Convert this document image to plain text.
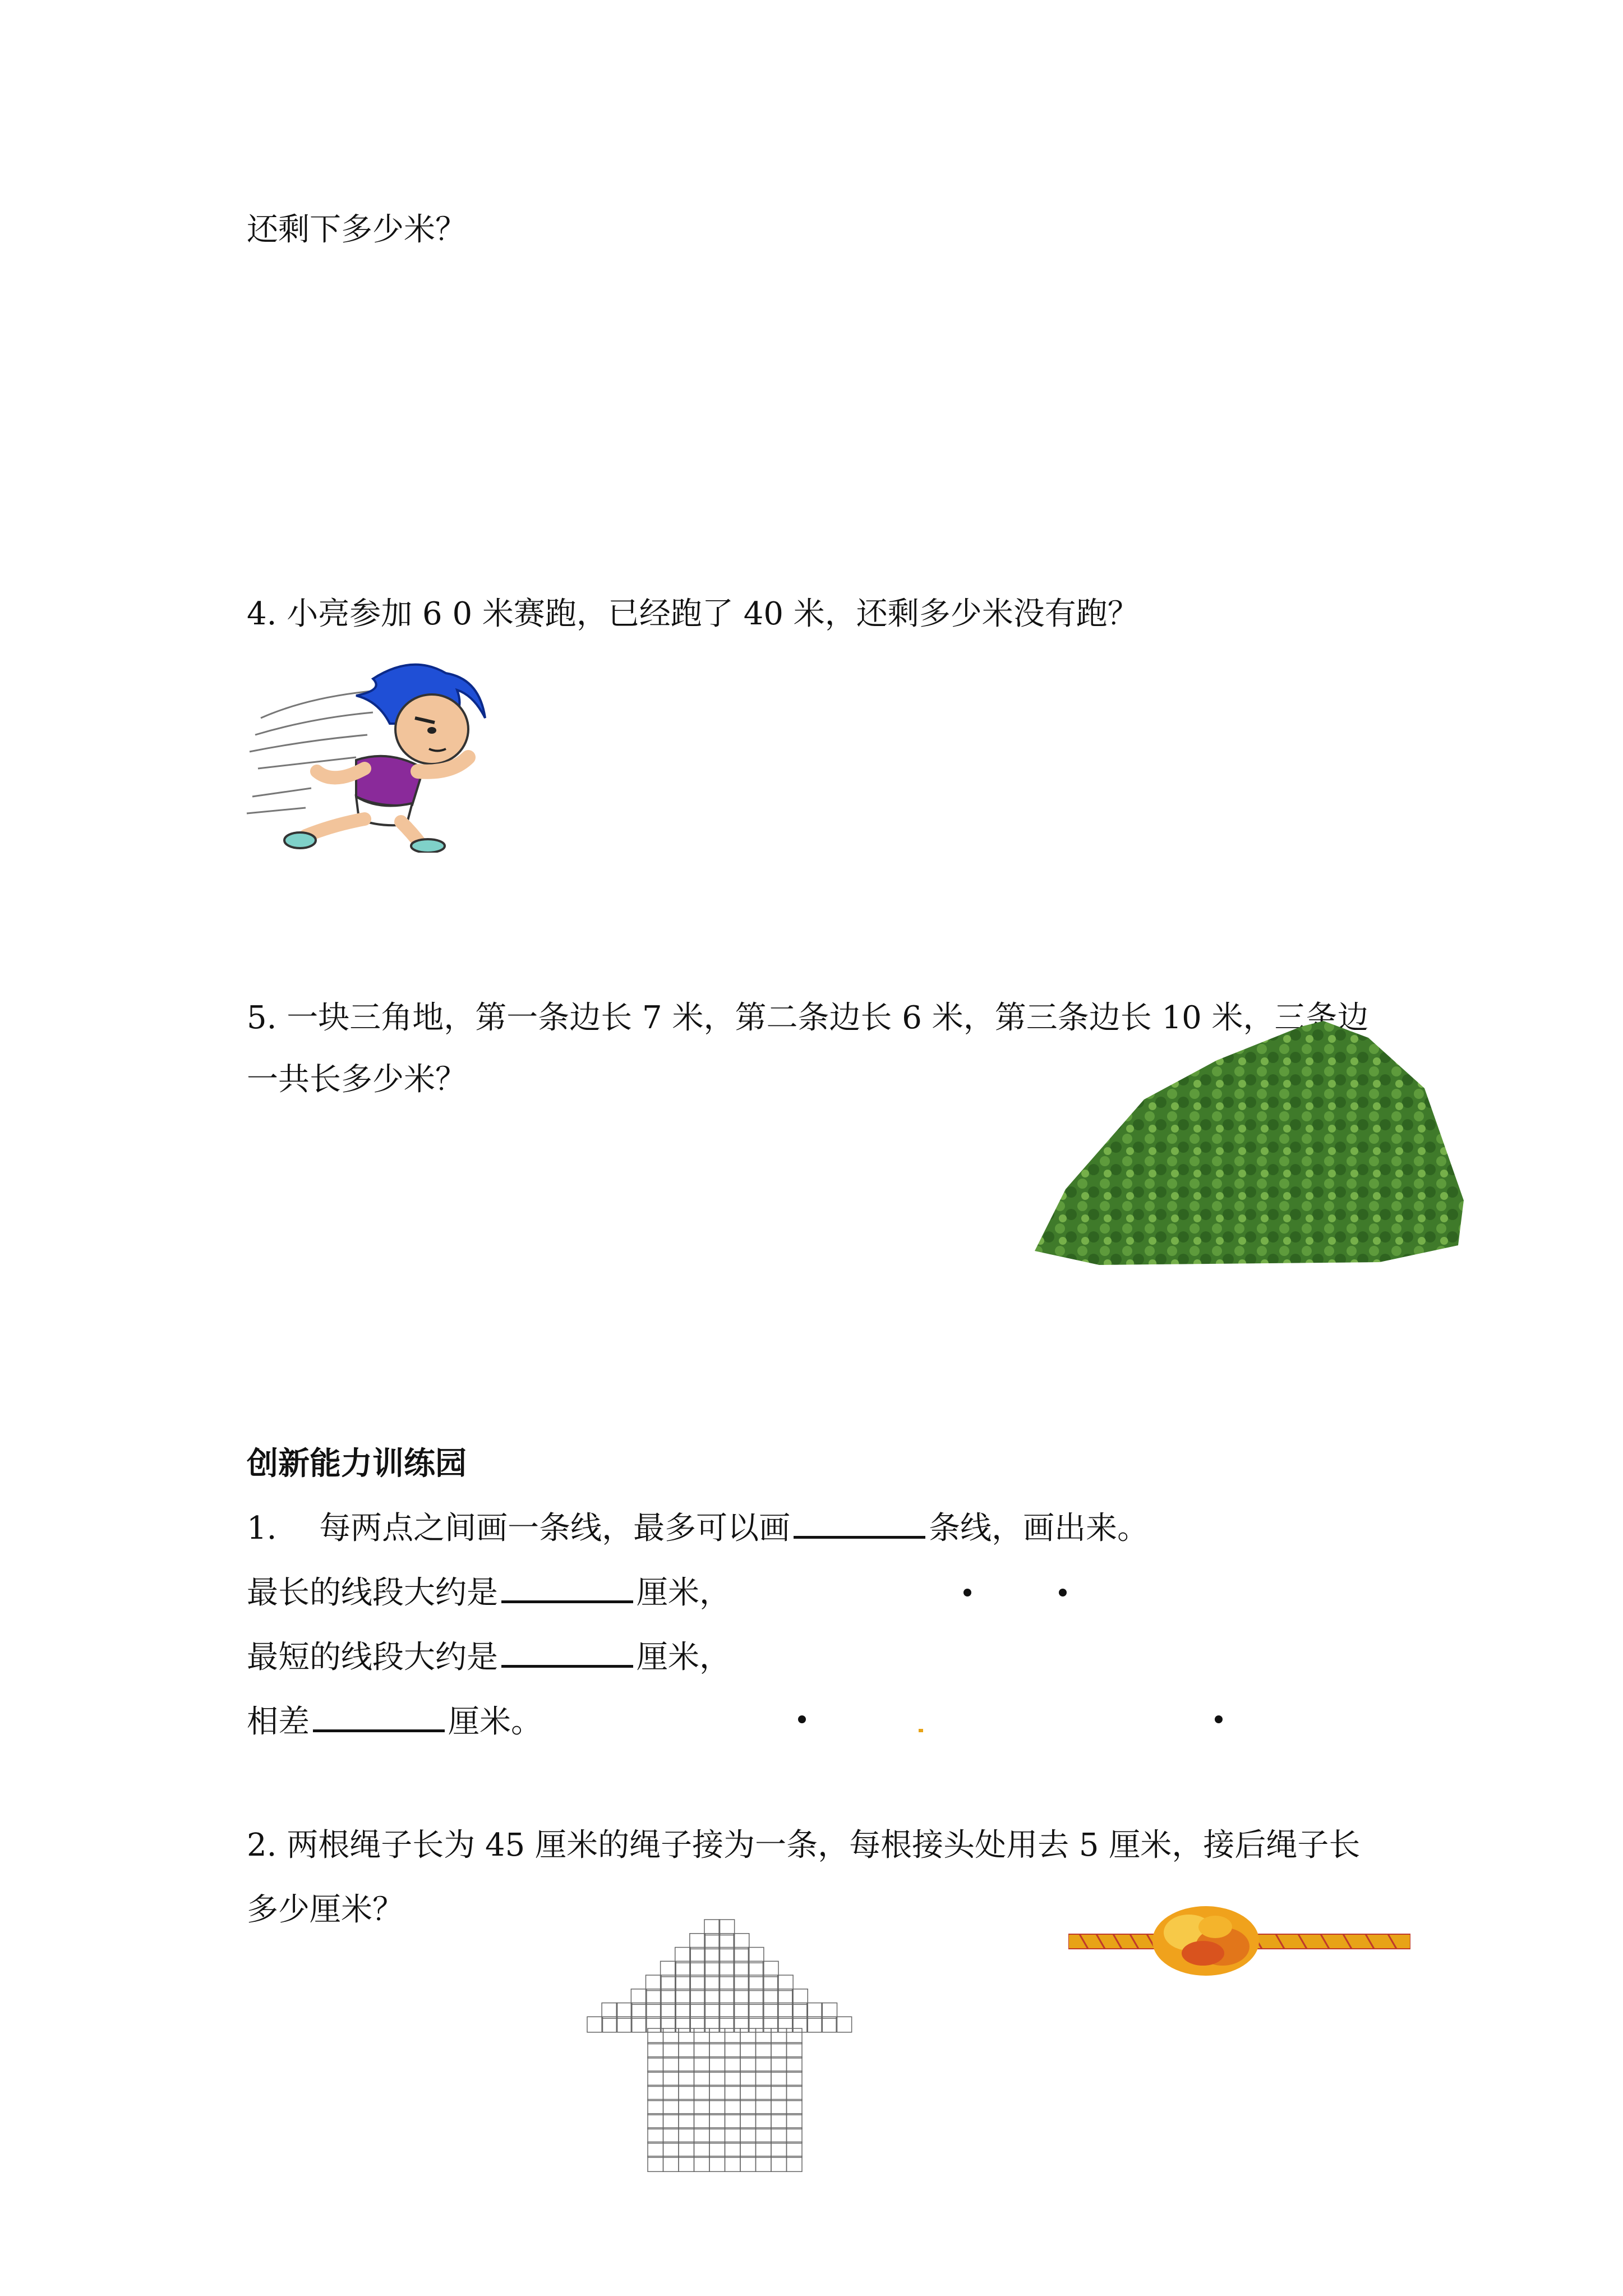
还剩下多少米？
4. 小亮参加 6 0 米赛跑，已经跑了 40 米，还剩多少米没有跑？
5. 一块三角地，第一条边长 7 米，第二条边长 6 米，第三条边长 10 米，三条边
一共长多少米？
创新能力训练园
1. 每两点之间画一条线，最多可以画	条线，画出来。
最长的线段大约是	厘米，
最短的线段大约是	厘米，
相差	厘米。
2. 两根绳子长为 45 厘米的绳子接为一条，每根接头处用去 5 厘米，接后绳子长
多少厘米？
